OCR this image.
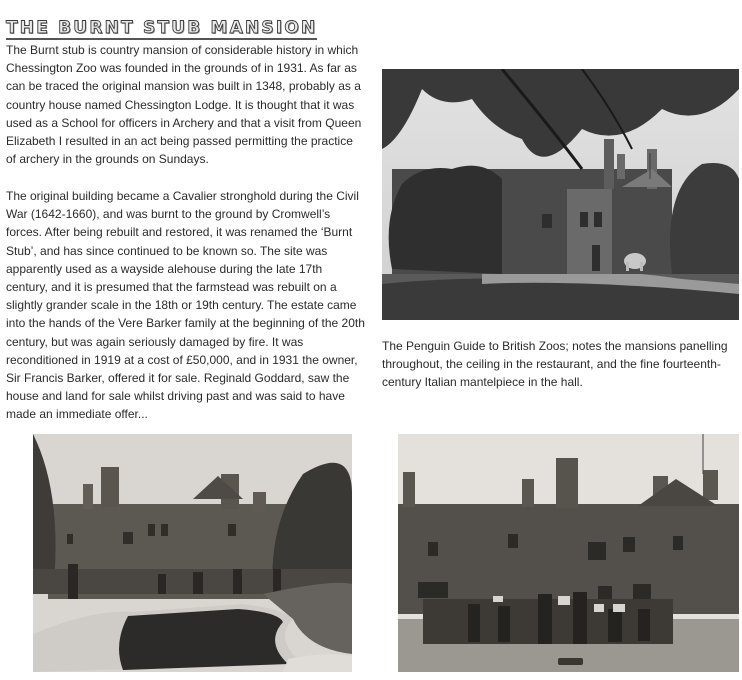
THE BURNT STUB MANSION

The Burnt stub is country mansion of considerable history in which Chessington Zoo was founded in the grounds of in 1931. As far as can be traced the original mansion was built in 1348, probably as a country house named Chessington Lodge. It is thought that it was used as a School for officers in Archery and that a visit from Queen Elizabeth I resulted in an act being passed permitting the practice of archery in the grounds on Sundays.

The original building became a Cavalier stronghold during the Civil War (1642-1660), and was burnt to the ground by Cromwell’s forces. After being rebuilt and restored, it was renamed the ‘Burnt Stub’, and has since continued to be known so. The site was apparently used as a wayside alehouse during the late 17th century, and it is presumed that the farmstead was rebuilt on a slightly grander scale in the 18th or 19th century. The estate came into the hands of the Vere Barker family at the beginning of the 20th century, but was again seriously damaged by fire. It was reconditioned in 1919 at a cost of £50,000, and in 1931 the owner, Sir Francis Barker, offered it for sale. Reginald Goddard, saw the house and land for sale whilst driving past and was said to have made an immediate offer...

The Penguin Guide to British Zoos; notes the mansions panelling throughout, the ceiling in the restaurant, and the fine fourteenth-century Italian mantelpiece in the hall.
